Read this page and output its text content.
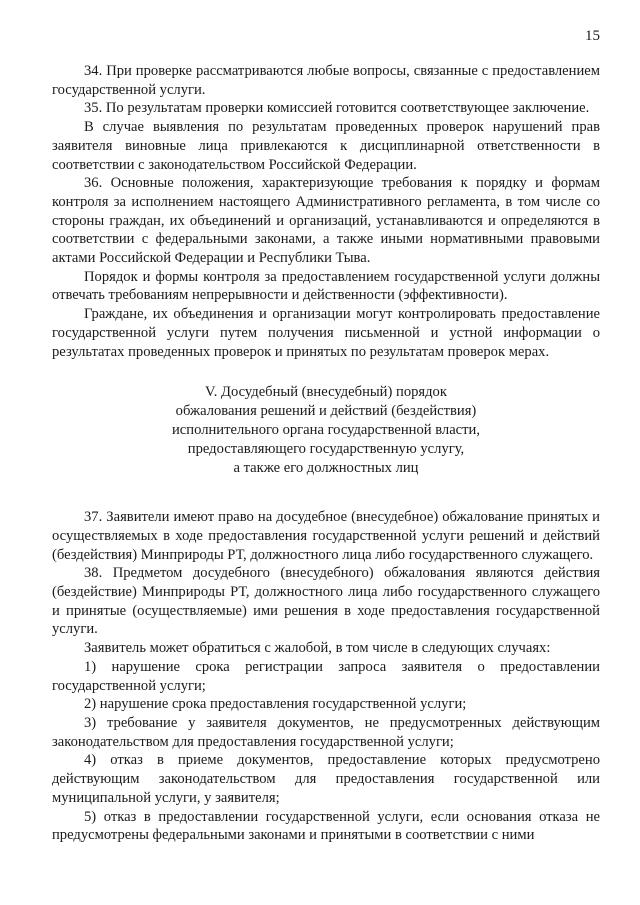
15

34. При проверке рассматриваются любые вопросы, связанные с предоставлением государственной услуги.

35. По результатам проверки комиссией готовится соответствующее заключение.

В случае выявления по результатам проведенных проверок нарушений прав заявителя виновные лица привлекаются к дисциплинарной ответственности в соответствии с законодательством Российской Федерации.

36. Основные положения, характеризующие требования к порядку и формам контроля за исполнением настоящего Административного регламента, в том числе со стороны граждан, их объединений и организаций, устанавливаются и определяются в соответствии с федеральными законами, а также иными нормативными правовыми актами Российской Федерации и Республики Тыва.

Порядок и формы контроля за предоставлением государственной услуги должны отвечать требованиям непрерывности и действенности (эффективности).

Граждане, их объединения и организации могут контролировать предоставление государственной услуги путем получения письменной и устной информации о результатах проведенных проверок и принятых по результатам проверок мерах.

V. Досудебный (внесудебный) порядок
обжалования решений и действий (бездействия)
исполнительного органа государственной власти,
предоставляющего государственную услугу,
а также его должностных лиц

37. Заявители имеют право на досудебное (внесудебное) обжалование принятых и осуществляемых в ходе предоставления государственной услуги решений и действий (бездействия) Минприроды РТ, должностного лица либо государственного служащего.

38. Предметом досудебного (внесудебного) обжалования являются действия (бездействие) Минприроды РТ, должностного лица либо государственного служащего и принятые (осуществляемые) ими решения в ходе предоставления государственной услуги.

Заявитель может обратиться с жалобой, в том числе в следующих случаях:

1) нарушение срока регистрации запроса заявителя о предоставлении государственной услуги;

2) нарушение срока предоставления государственной услуги;

3) требование у заявителя документов, не предусмотренных действующим законодательством для предоставления государственной услуги;

4) отказ в приеме документов, предоставление которых предусмотрено действующим законодательством для предоставления государственной или муниципальной услуги, у заявителя;

5) отказ в предоставлении государственной услуги, если основания отказа не предусмотрены федеральными законами и принятыми в соответствии с ними
